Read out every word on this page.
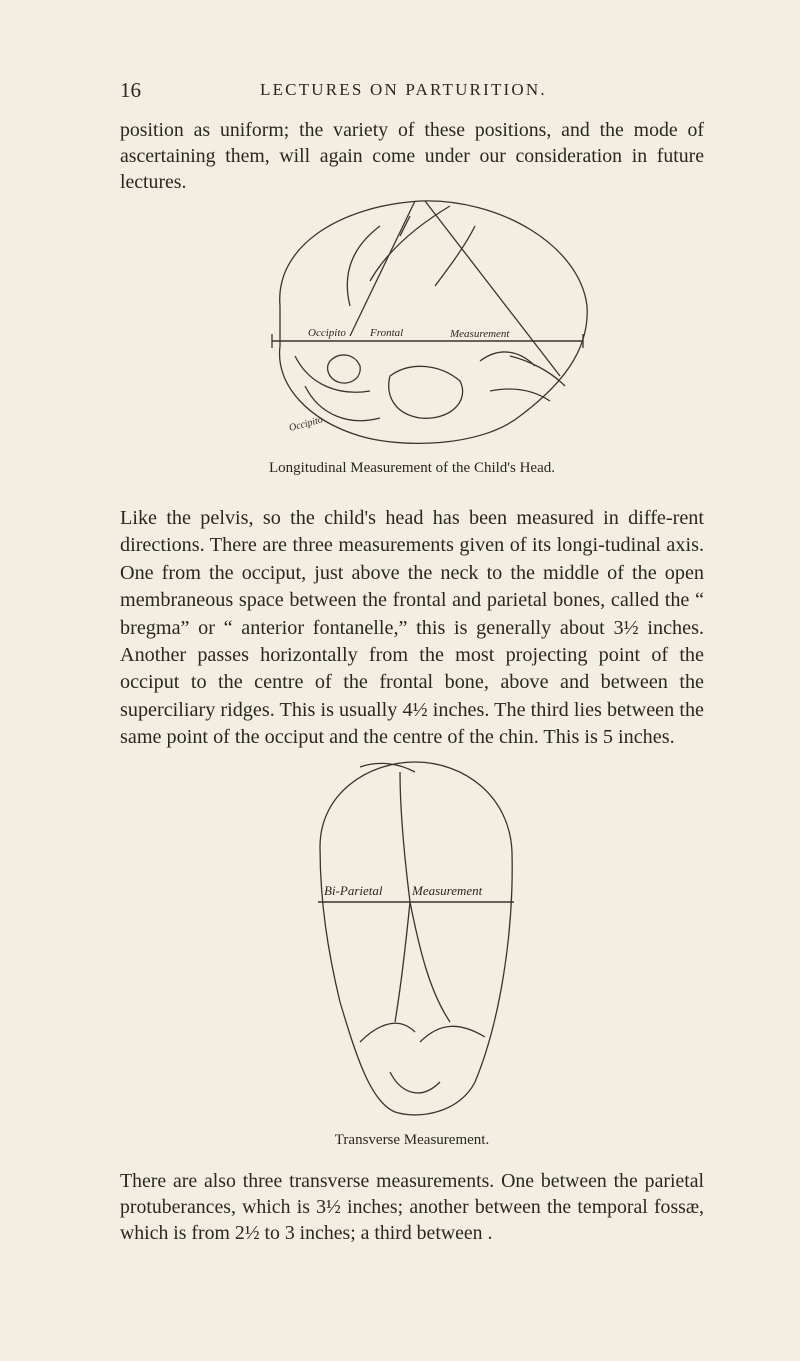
16	LECTURES ON PARTURITION.
position as uniform; the variety of these positions, and the mode of ascertaining them, will again come under our consideration in future lectures.
Occipito Frontal	Measurement
Occipito
Longitudinal Measurement of the Child's Head.
Like the pelvis, so the child's head has been measured in diffe-rent directions. There are three measurements given of its longi-tudinal axis. One from the occiput, just above the neck to the middle of the open membraneous space between the frontal and parietal bones, called the “ bregma” or “ anterior fontanelle,” this is generally about 3½ inches. Another passes horizontally from the most projecting point of the occiput to the centre of the frontal bone, above and between the superciliary ridges. This is usually 4½ inches. The third lies between the same point of the occiput and the centre of the chin. This is 5 inches.
Bi-Parietal Measurement
Transverse Measurement.
There are also three transverse measurements. One between the parietal protuberances, which is 3½ inches; another between the temporal fossæ, which is from 2½ to 3 inches; a third between .
